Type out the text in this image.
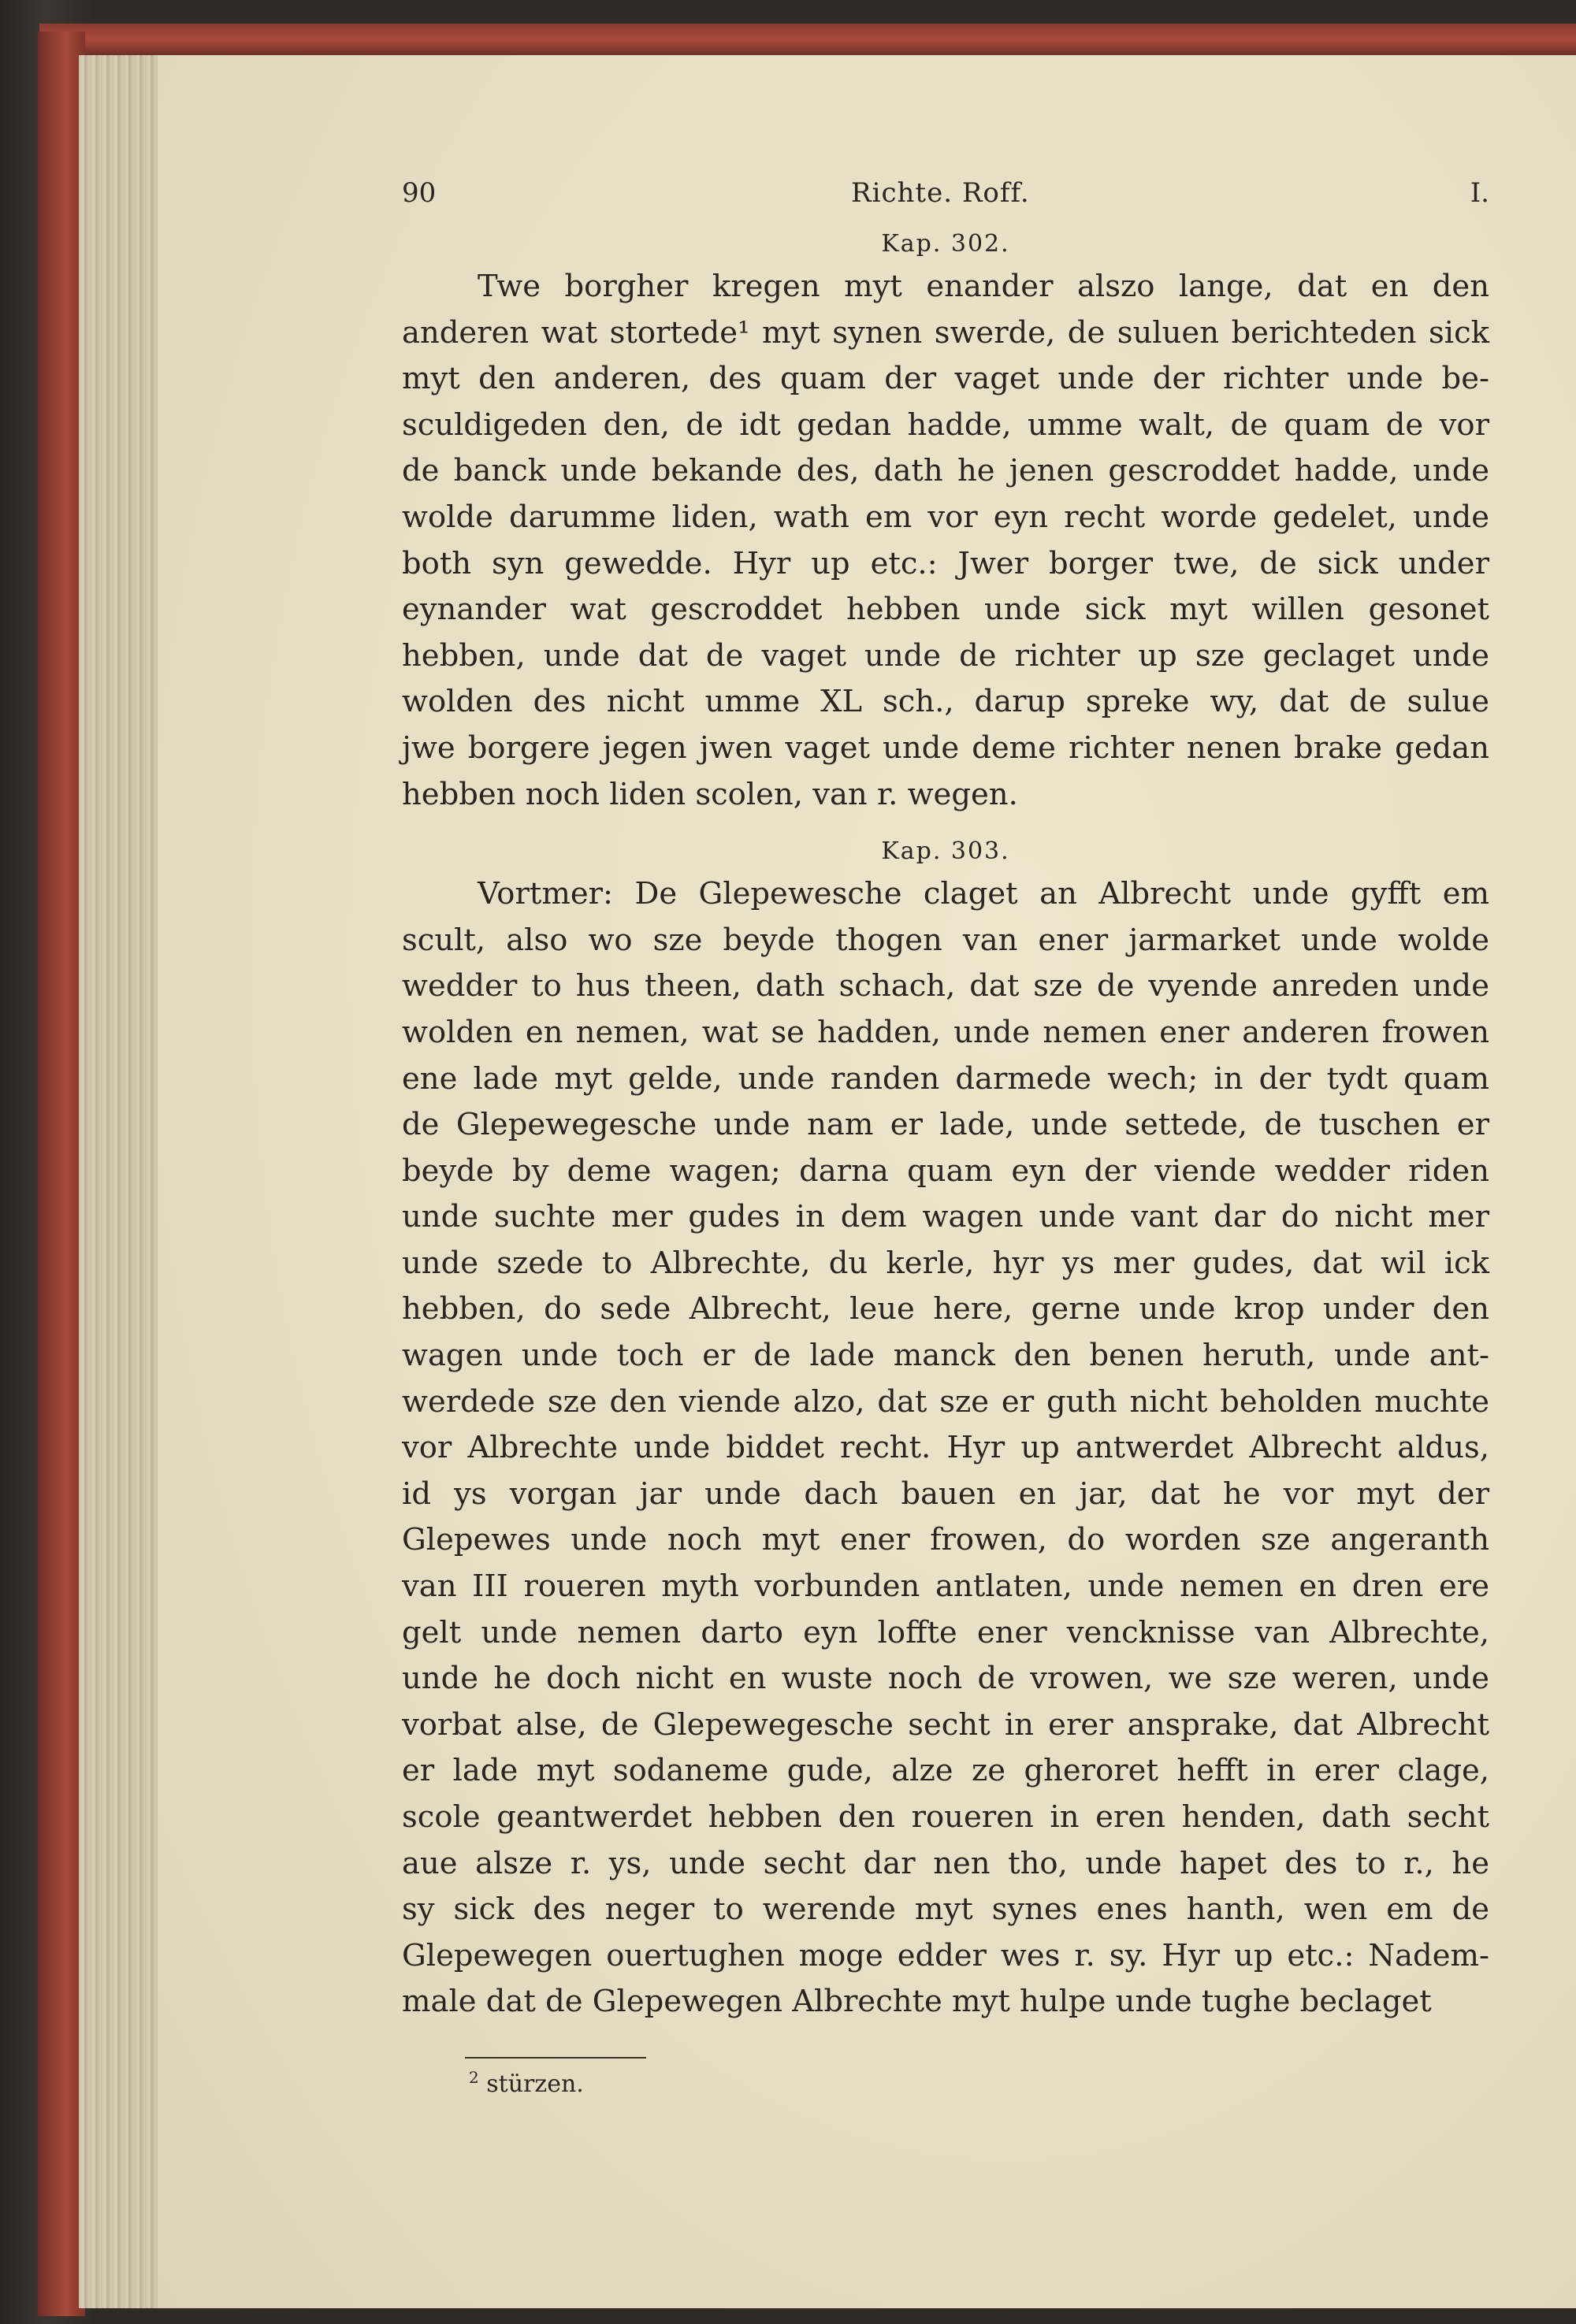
90	Richte. Roff.	I.
Kap. 302.
Twe borgher kregen myt enander alszo lange, dat en den
anderen wat stortede¹ myt synen swerde, de suluen berichteden sick
myt den anderen, des quam der vaget unde der richter unde be-
sculdigeden den, de idt gedan hadde, umme walt, de quam de vor
de banck unde bekande des, dath he jenen gescroddet hadde, unde
wolde darumme liden, wath em vor eyn recht worde gedelet, unde
both syn gewedde. Hyr up etc.: Jwer borger twe, de sick under
eynander wat gescroddet hebben unde sick myt willen gesonet
hebben, unde dat de vaget unde de richter up sze geclaget unde
wolden des nicht umme XL sch., darup spreke wy, dat de sulue
jwe borgere jegen jwen vaget unde deme richter nenen brake gedan
hebben noch liden scolen, van r. wegen.
Kap. 303.
Vortmer: De Glepewesche claget an Albrecht unde gyfft em
scult, also wo sze beyde thogen van ener jarmarket unde wolde
wedder to hus theen, dath schach, dat sze de vyende anreden unde
wolden en nemen, wat se hadden, unde nemen ener anderen frowen
ene lade myt gelde, unde randen darmede wech; in der tydt quam
de Glepewegesche unde nam er lade, unde settede, de tuschen er
beyde by deme wagen; darna quam eyn der viende wedder riden
unde suchte mer gudes in dem wagen unde vant dar do nicht mer
unde szede to Albrechte, du kerle, hyr ys mer gudes, dat wil ick
hebben, do sede Albrecht, leue here, gerne unde krop under den
wagen unde toch er de lade manck den benen heruth, unde ant-
werdede sze den viende alzo, dat sze er guth nicht beholden muchte
vor Albrechte unde biddet recht. Hyr up antwerdet Albrecht aldus,
id ys vorgan jar unde dach bauen en jar, dat he vor myt der
Glepewes unde noch myt ener frowen, do worden sze angeranth
van III roueren myth vorbunden antlaten, unde nemen en dren ere
gelt unde nemen darto eyn loffte ener vencknisse van Albrechte,
unde he doch nicht en wuste noch de vrowen, we sze weren, unde
vorbat alse, de Glepewegesche secht in erer ansprake, dat Albrecht
er lade myt sodaneme gude, alze ze gheroret hefft in erer clage,
scole geantwerdet hebben den roueren in eren henden, dath secht
aue alsze r. ys, unde secht dar nen tho, unde hapet des to r., he
sy sick des neger to werende myt synes enes hanth, wen em de
Glepewegen ouertughen moge edder wes r. sy. Hyr up etc.: Nadem-
male dat de Glepewegen Albrechte myt hulpe unde tughe beclaget
$^2$ stürzen.
